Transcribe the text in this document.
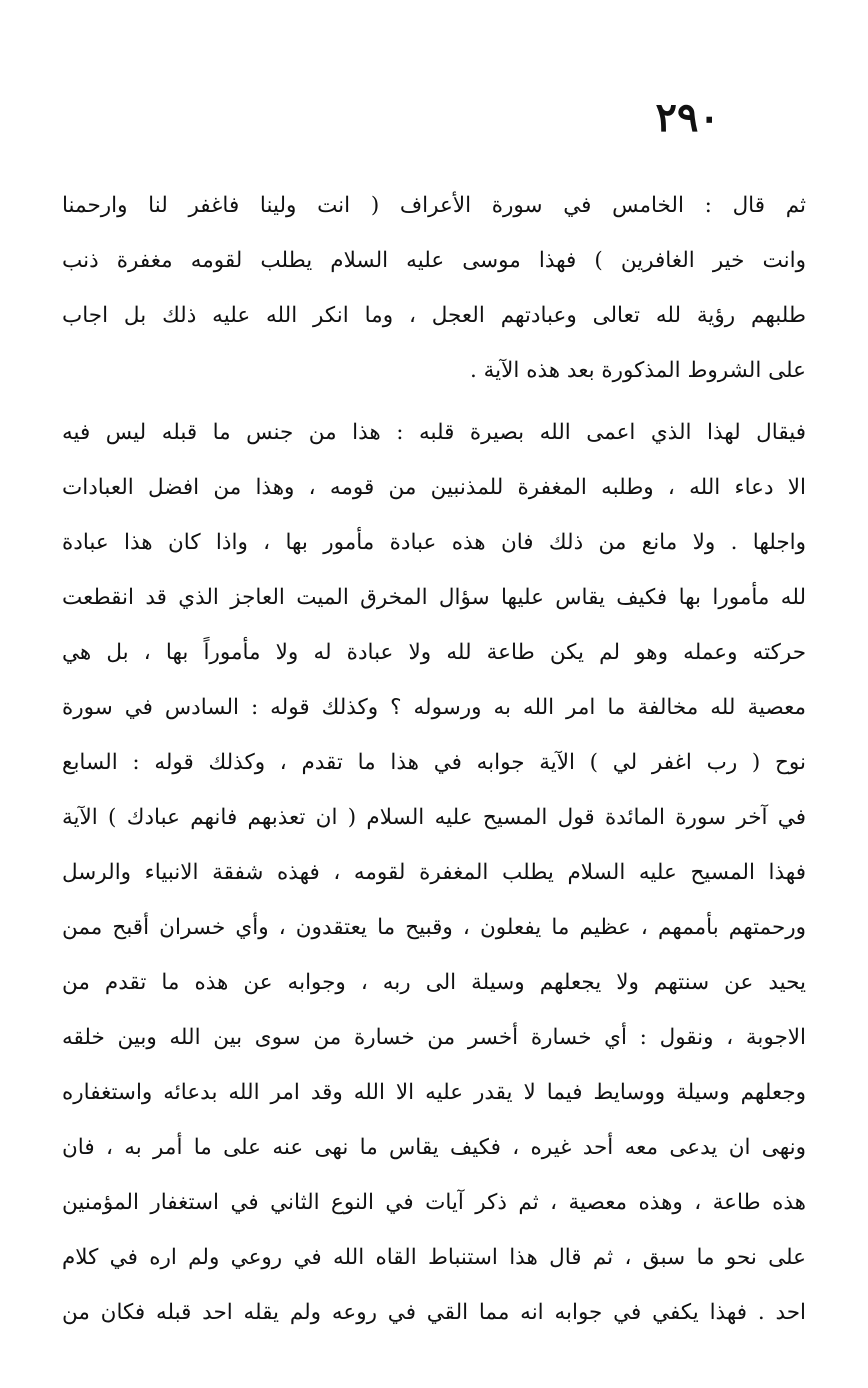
٢٩٠
ثم قال : الخامس في سورة الأعراف ( انت ولينا فاغفر لنا وارحمنا
وانت خير الغافرين ) فهذا موسى عليه السلام يطلب لقومه مغفرة ذنب
طلبهم رؤية لله تعالى وعبادتهم العجل ، وما انكر الله عليه ذلك بل اجاب
على الشروط المذكورة بعد هذه الآية .
فيقال لهذا الذي اعمى الله بصيرة قلبه : هذا من جنس ما قبله ليس فيه
الا دعاء الله ، وطلبه المغفرة للمذنبين من قومه ، وهذا من افضل العبادات
واجلها . ولا مانع من ذلك فان هذه عبادة مأمور بها ، واذا كان هذا عبادة
لله مأمورا بها فكيف يقاس عليها سؤال المخرق الميت العاجز الذي قد انقطعت
حركته وعمله وهو لم يكن طاعة لله ولا عبادة له ولا مأموراً بها ، بل هي
معصية لله مخالفة ما امر الله به ورسوله ؟ وكذلك قوله : السادس في سورة
نوح ( رب اغفر لي ) الآية جوابه في هذا ما تقدم ، وكذلك قوله : السابع
في آخر سورة المائدة قول المسيح عليه السلام ( ان تعذبهم فانهم عبادك ) الآية
فهذا المسيح عليه السلام يطلب المغفرة لقومه ، فهذه شفقة الانبياء والرسل
ورحمتهم بأممهم ، عظيم ما يفعلون ، وقبيح ما يعتقدون ، وأي خسران أقبح ممن
يحيد عن سنتهم ولا يجعلهم وسيلة الى ربه ، وجوابه عن هذه ما تقدم من
الاجوبة ، ونقول : أي خسارة أخسر من خسارة من سوى بين الله وبين خلقه
وجعلهم وسيلة ووسايط فيما لا يقدر عليه الا الله وقد امر الله بدعائه واستغفاره
ونهى ان يدعى معه أحد غيره ، فكيف يقاس ما نهى عنه على ما أمر به ، فان
هذه طاعة ، وهذه معصية ، ثم ذكر آيات في النوع الثاني في استغفار المؤمنين
على نحو ما سبق ، ثم قال هذا استنباط القاه الله في روعي ولم اره في كلام
احد . فهذا يكفي في جوابه انه مما القي في روعه ولم يقله احد قبله فكان من
